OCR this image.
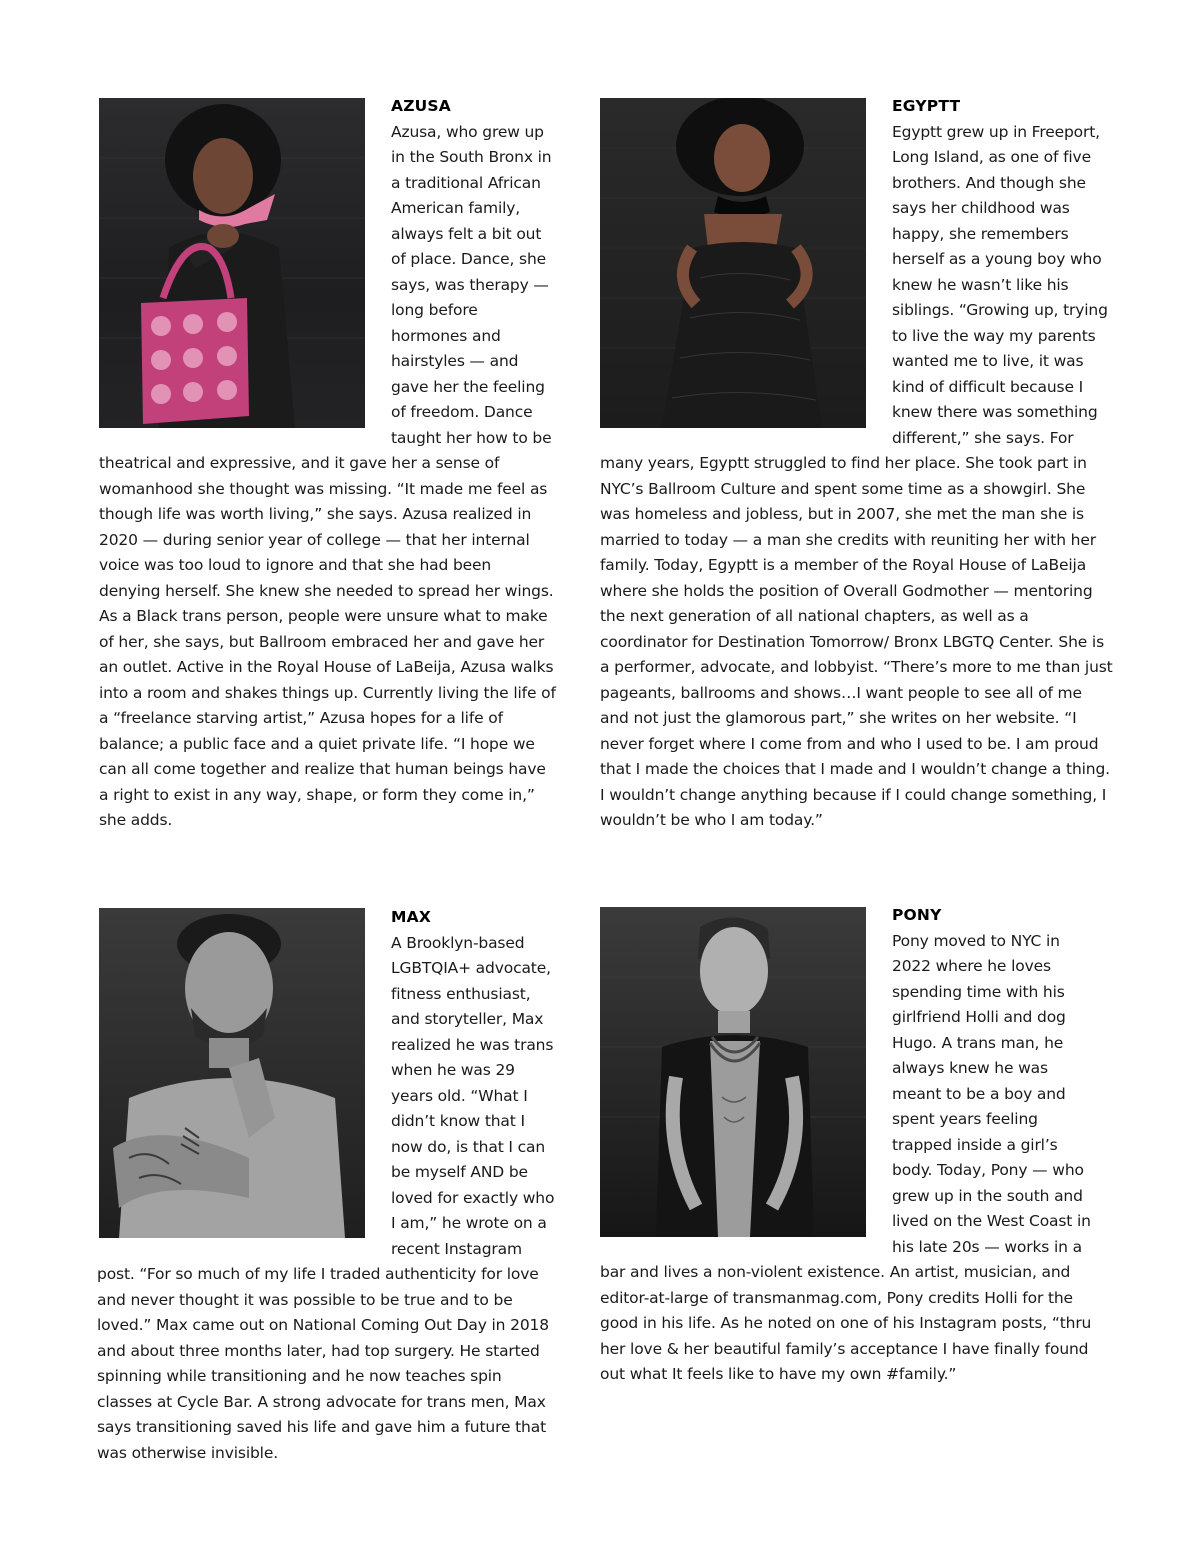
AZUSA

Azusa, who grew up in the South Bronx in a traditional African American family, always felt a bit out of place. Dance, she says, was therapy — long before hormones and hairstyles — and gave her the feeling of freedom. Dance taught her how to be theatrical and expressive, and it gave her a sense of womanhood she thought was missing. “It made me feel as though life was worth living,” she says. Azusa realized in 2020 — during senior year of college — that her internal voice was too loud to ignore and that she had been denying herself. She knew she needed to spread her wings. As a Black trans person, people were unsure what to make of her, she says, but Ballroom embraced her and gave her an outlet. Active in the Royal House of LaBeija, Azusa walks into a room and shakes things up. Currently living the life of a “freelance starving artist,” Azusa hopes for a life of balance; a public face and a quiet private life. “I hope we can all come together and realize that human beings have a right to exist in any way, shape, or form they come in,” she adds.

EGYPTT

Egyptt grew up in Freeport, Long Island, as one of five brothers. And though she says her childhood was happy, she remembers herself as a young boy who knew he wasn’t like his siblings. “Growing up, trying to live the way my parents wanted me to live, it was kind of difficult because I knew there was something different,” she says. For many years, Egyptt struggled to find her place. She took part in NYC’s Ballroom Culture and spent some time as a showgirl. She was homeless and jobless, but in 2007, she met the man she is married to today — a man she credits with reuniting her with her family. Today, Egyptt is a member of the Royal House of LaBeija where she holds the position of Overall Godmother — mentoring the next generation of all national chapters, as well as a coordinator for Destination Tomorrow/ Bronx LBGTQ Center. She is a performer, advocate, and lobbyist. “There’s more to me than just pageants, ballrooms and shows…I want people to see all of me and not just the glamorous part,” she writes on her website. “I never forget where I come from and who I used to be. I am proud that I made the choices that I made and I wouldn’t change a thing. I wouldn’t change anything because if I could change something, I wouldn’t be who I am today.”

MAX

A Brooklyn-based LGBTQIA+ advocate, fitness enthusiast, and storyteller, Max realized he was trans when he was 29 years old. “What I didn’t know that I now do, is that I can be myself AND be loved for exactly who I am,” he wrote on a recent Instagram post. “For so much of my life I traded authenticity for love and never thought it was possible to be true and to be loved.” Max came out on National Coming Out Day in 2018 and about three months later, had top surgery. He started spinning while transitioning and he now teaches spin classes at Cycle Bar. A strong advocate for trans men, Max says transitioning saved his life and gave him a future that was otherwise invisible.

PONY

Pony moved to NYC in 2022 where he loves spending time with his girlfriend Holli and dog Hugo. A trans man, he always knew he was meant to be a boy and spent years feeling trapped inside a girl’s body. Today, Pony — who grew up in the south and lived on the West Coast in his late 20s — works in a bar and lives a non-violent existence. An artist, musician, and editor-at-large of transmanmag.com, Pony credits Holli for the good in his life. As he noted on one of his Instagram posts, “thru her love & her beautiful family’s acceptance I have finally found out what It feels like to have my own #family.”
